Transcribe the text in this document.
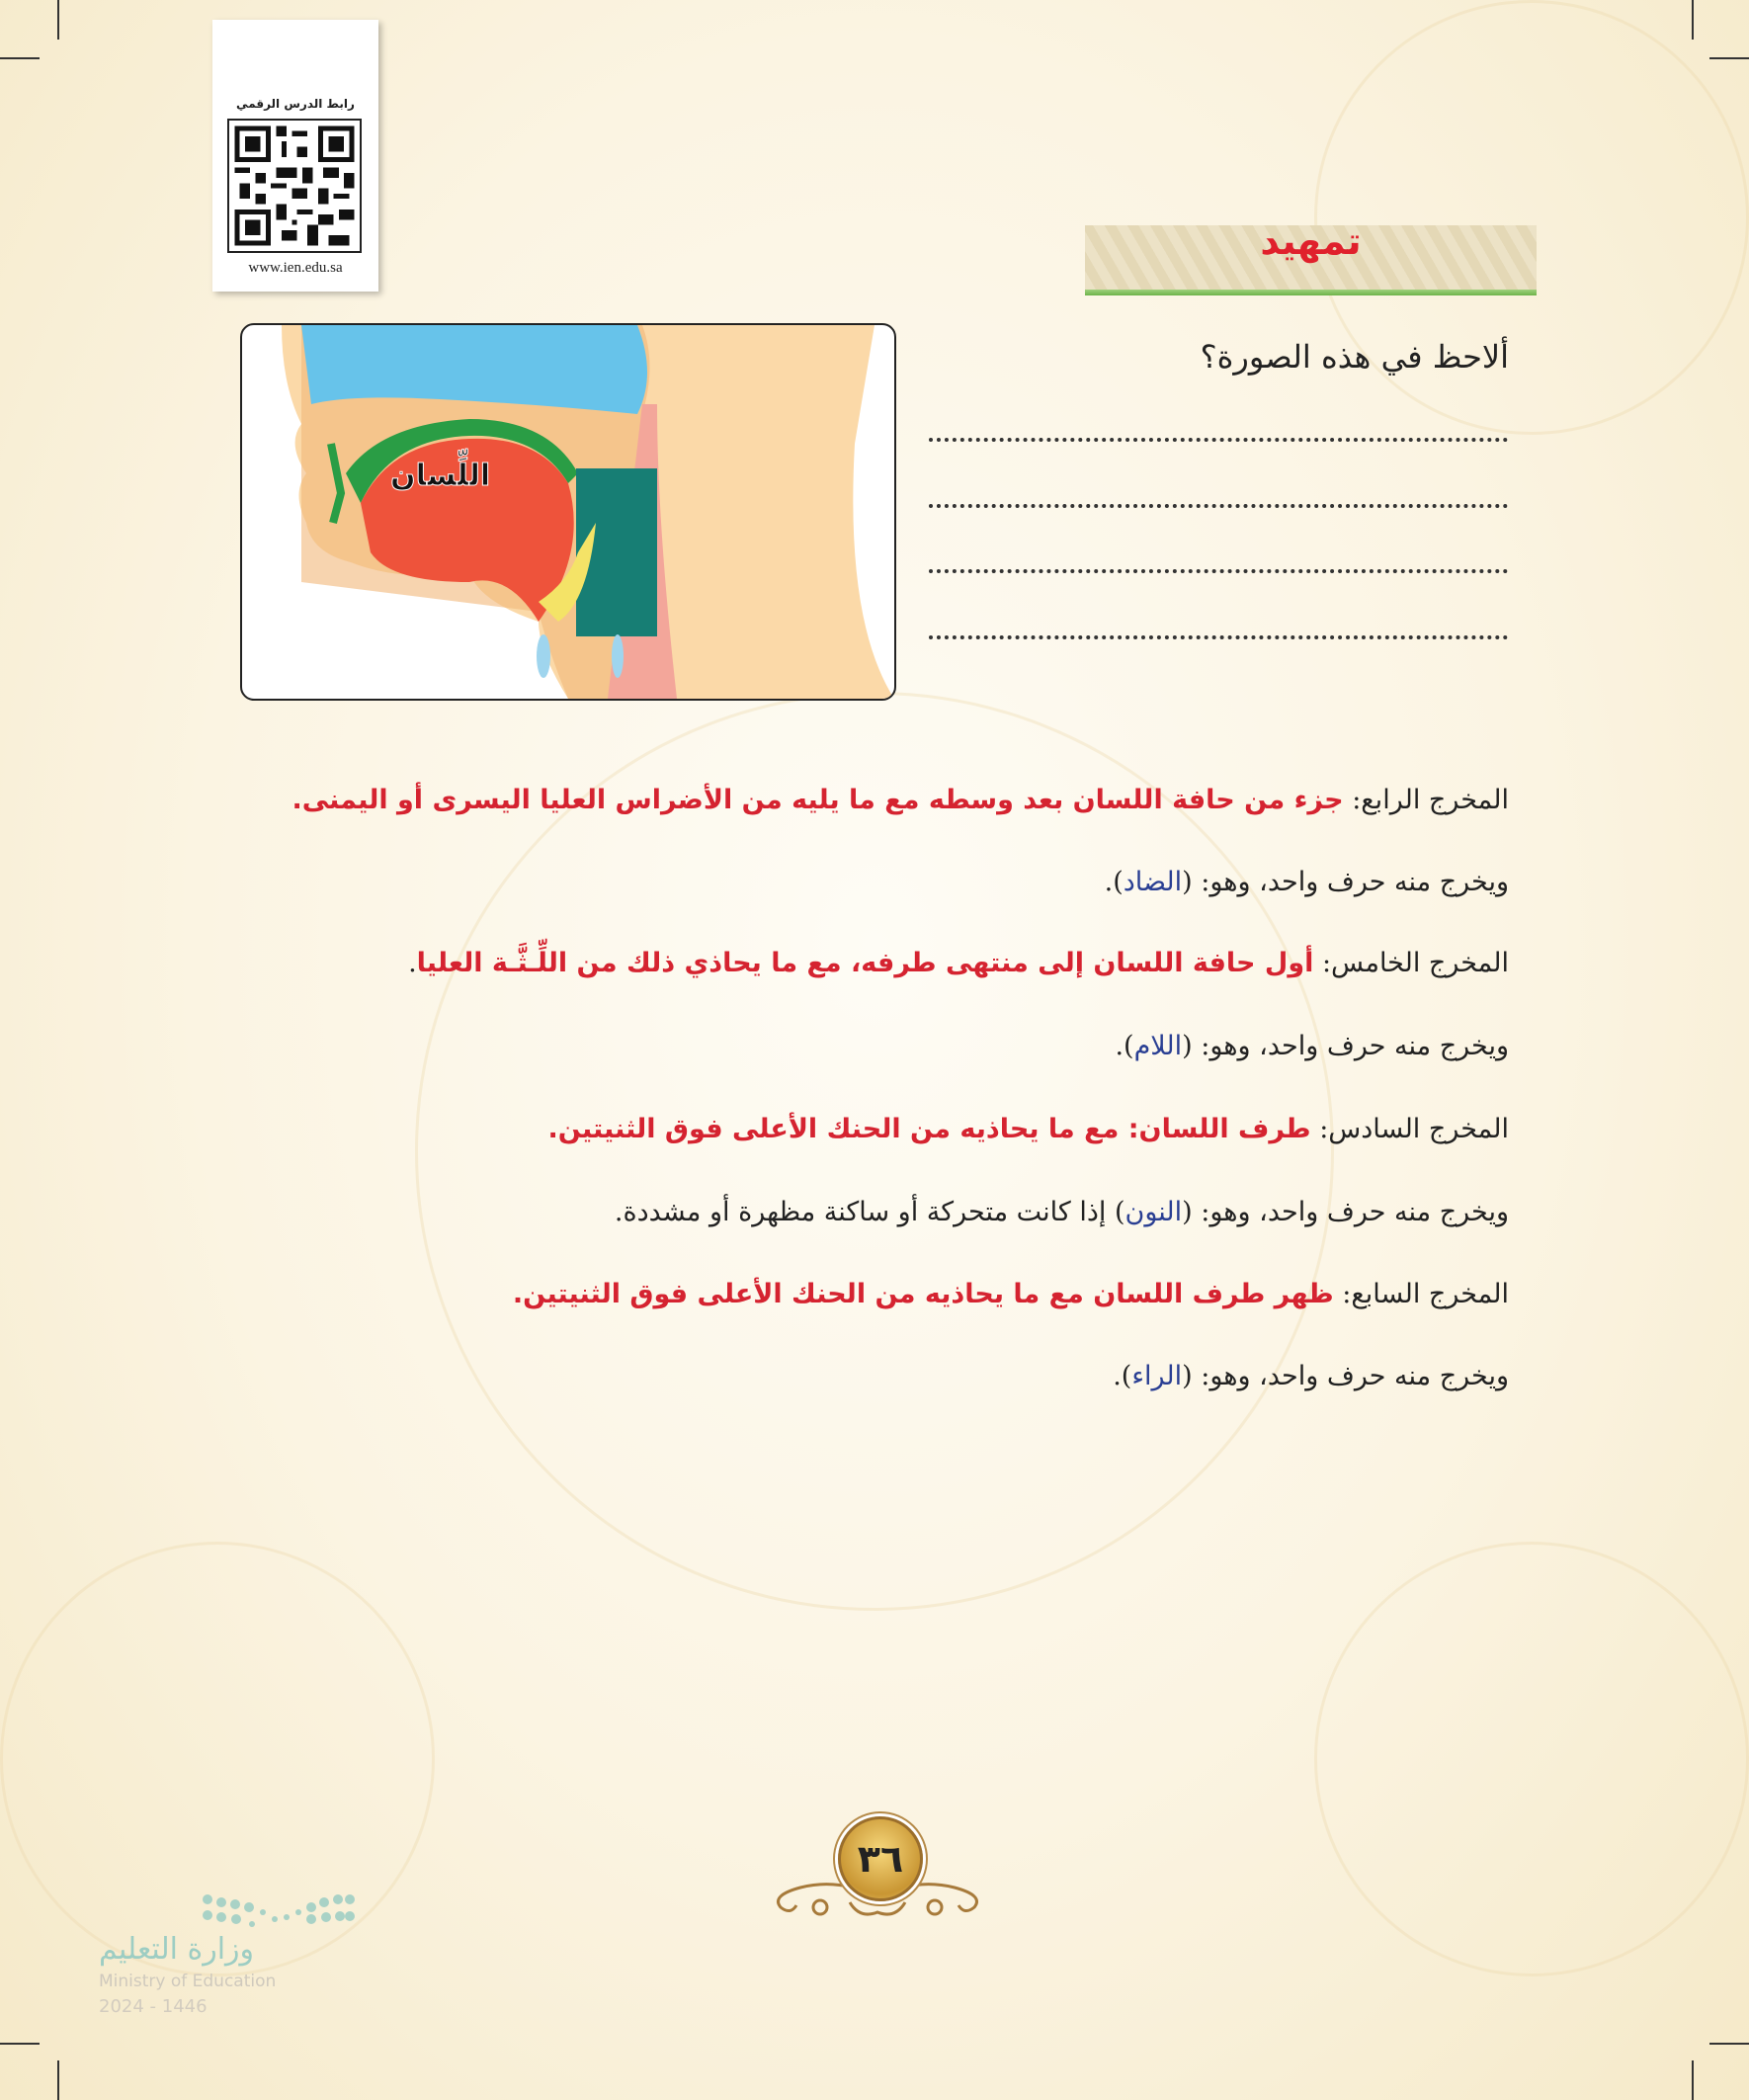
رابط الدرس الرقمي
www.ien.edu.sa
تمهيد
اللِّسان
ألاحظ في هذه الصورة؟
المخرج الرابع: جزء من حافة اللسان بعد وسطه مع ما يليه من الأضراس العليا اليسرى أو اليمنى.
ويخرج منه حرف واحد، وهو: (الضاد).
المخرج الخامس: أول حافة اللسان إلى منتهى طرفه، مع ما يحاذي ذلك من اللِّـثَّـة العليا.
ويخرج منه حرف واحد، وهو: (اللام).
المخرج السادس: طرف اللسان: مع ما يحاذيه من الحنك الأعلى فوق الثنيتين.
ويخرج منه حرف واحد، وهو: (النون) إذا كانت متحركة أو ساكنة مظهرة أو مشددة.
المخرج السابع: ظهر طرف اللسان مع ما يحاذيه من الحنك الأعلى فوق الثنيتين.
ويخرج منه حرف واحد، وهو: (الراء).
٣٦
وزارة التعليم
Ministry of Education
2024 - 1446
